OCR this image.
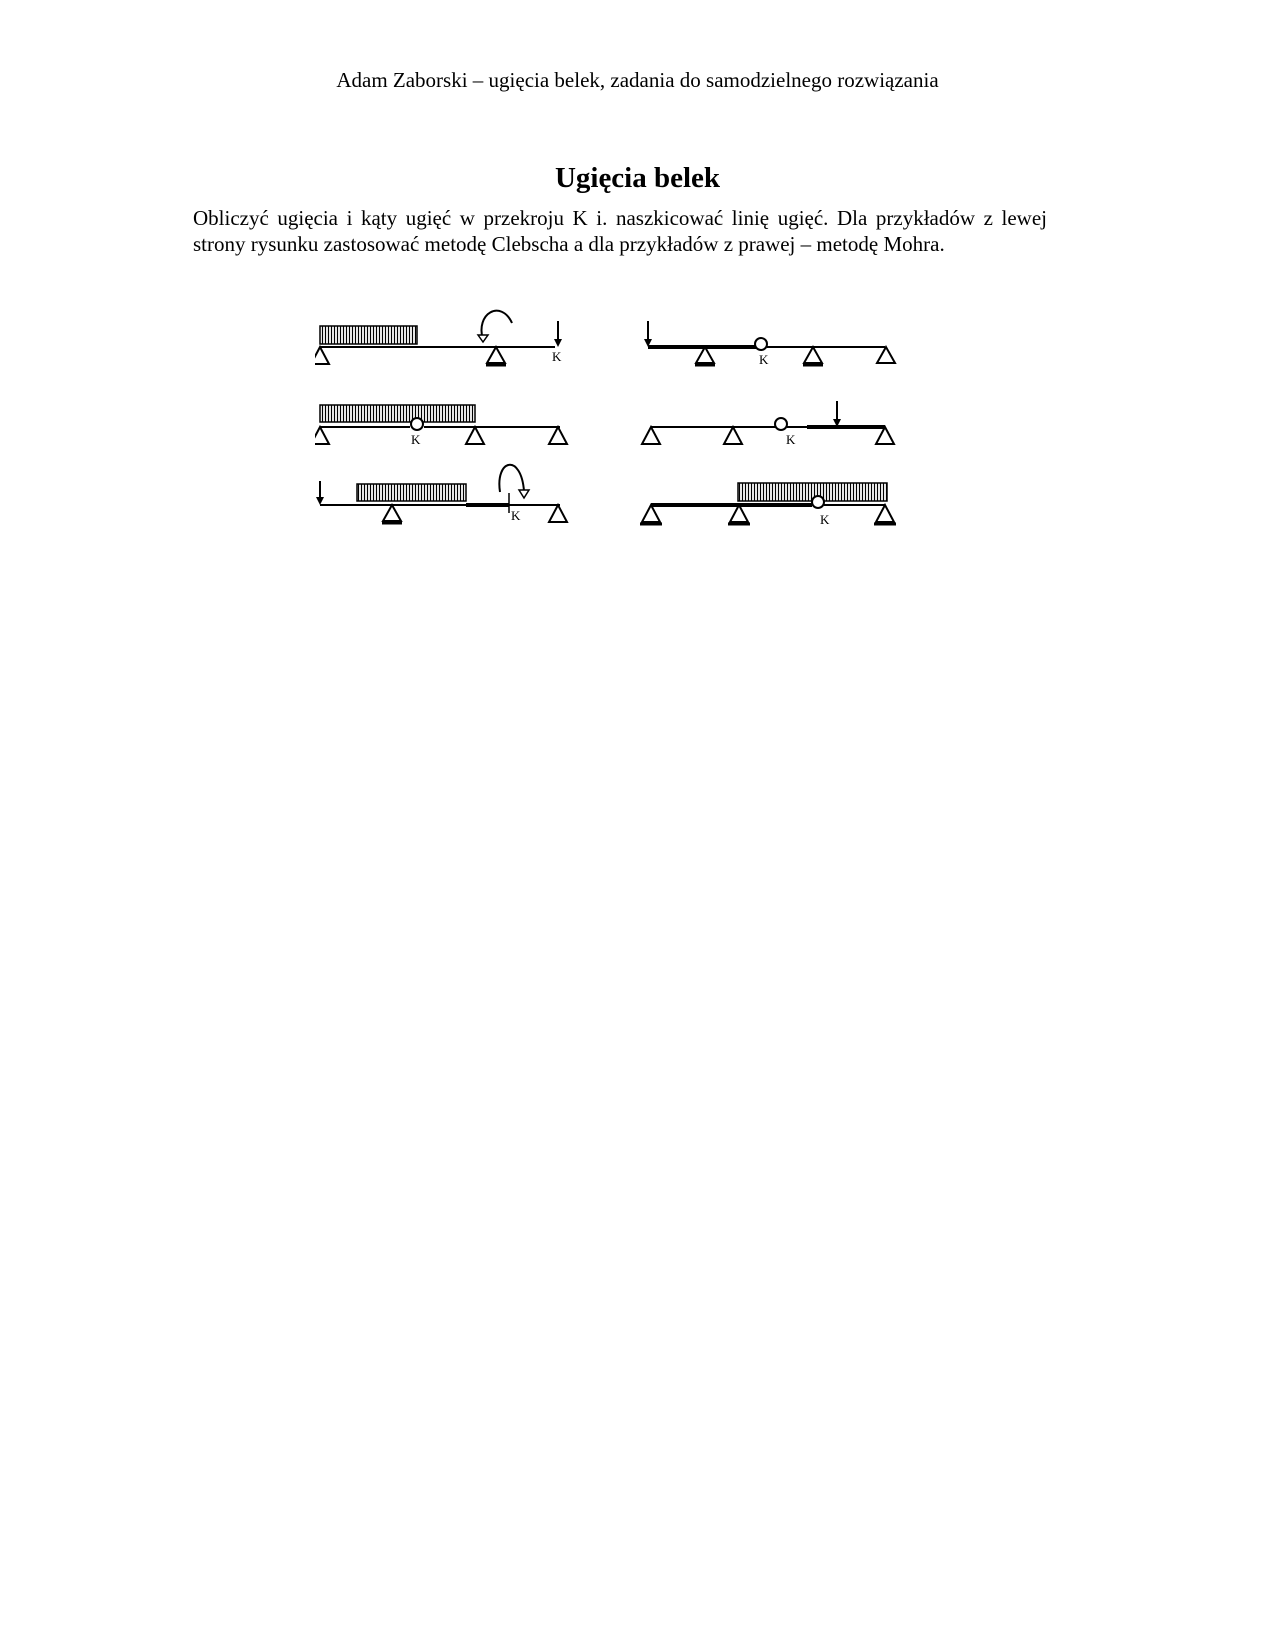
Adam Zaborski – ugięcia belek, zadania do samodzielnego rozwiązania
Ugięcia belek

Obliczyć ugięcia i kąty ugięć w przekroju K i. naszkicować linię ugięć. Dla przykładów z lewej strony rysunku zastosować metodę Clebscha a dla przykładów z prawej – metodę Mohra.

K	K
K	K
K	K
